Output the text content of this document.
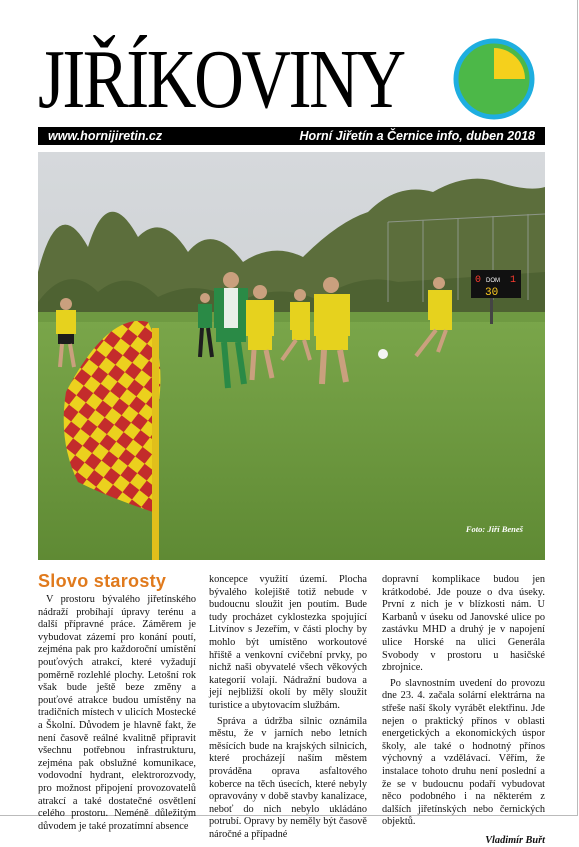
JIŘÍKOVINY
www.hornijiretin.cz	Horní Jiřetín a Černice info, duben 2018
0 DOM 1
30
Foto: Jiří Beneš
Slovo starosty

V prostoru bývalého jiřetínského nádraží probíhají úpravy terénu a další přípravné práce. Záměrem je vybudovat zázemí pro konání poutí, zejména pak pro každoroční umístění pouťových atrakcí, které vyžadují poměrně rozlehlé plochy. Letošní rok však bude ještě beze změny a pouťové atrakce budou umístěny na tradičních místech v ulicích Mostecké a Školní. Důvodem je hlavně fakt, že není časově reálné kvalitně připravit všechnu potřebnou infrastrukturu, zejména pak obslužné komunikace, vodovodní hydrant, elektrorozvody, pro možnost připojení provozovatelů atrakcí a také dostatečné osvětlení celého prostoru. Neméně důležitým důvodem je také prozatímní absence

koncepce využití území. Plocha bývalého kolejiště totiž nebude v budoucnu sloužit jen poutím. Bude tudy procházet cyklostezka spojující Litvínov s Jezeřím, v části plochy by mohlo být umístěno workoutové hřiště a venkovní cvičební prvky, po nichž naši obyvatelé všech věkových kategorií volají. Nádražní budova a její nejbližší okolí by měly sloužit turistice a ubytovacím službám.

Správa a údržba silnic oznámila městu, že v jarních nebo letních měsících bude na krajských silnicích, které procházejí naším městem prováděna oprava asfaltového koberce na těch úsecích, které nebyly opravovány v době stavby kanalizace, neboť do nich nebylo ukládáno potrubí. Opravy by neměly být časově náročné a případné

dopravní komplikace budou jen krátkodobé. Jde pouze o dva úseky. První z nich je v blízkosti nám. U Karbanů v úseku od Janovské ulice po zastávku MHD a druhý je v napojení ulice Horské na ulici Generála Svobody v prostoru u hasičské zbrojnice.

Po slavnostním uvedení do provozu dne 23. 4. začala solární elektrárna na střeše naší školy vyrábět elektřinu. Jde nejen o praktický přínos v oblasti energetických a ekonomických úspor školy, ale také o hodnotný přínos výchovný a vzdělávací. Věřím, že instalace tohoto druhu není poslední a že se v budoucnu podaří vybudovat něco podobného i na některém z dalších jiřetínských nebo černických objektů.

Vladimír Buřt
